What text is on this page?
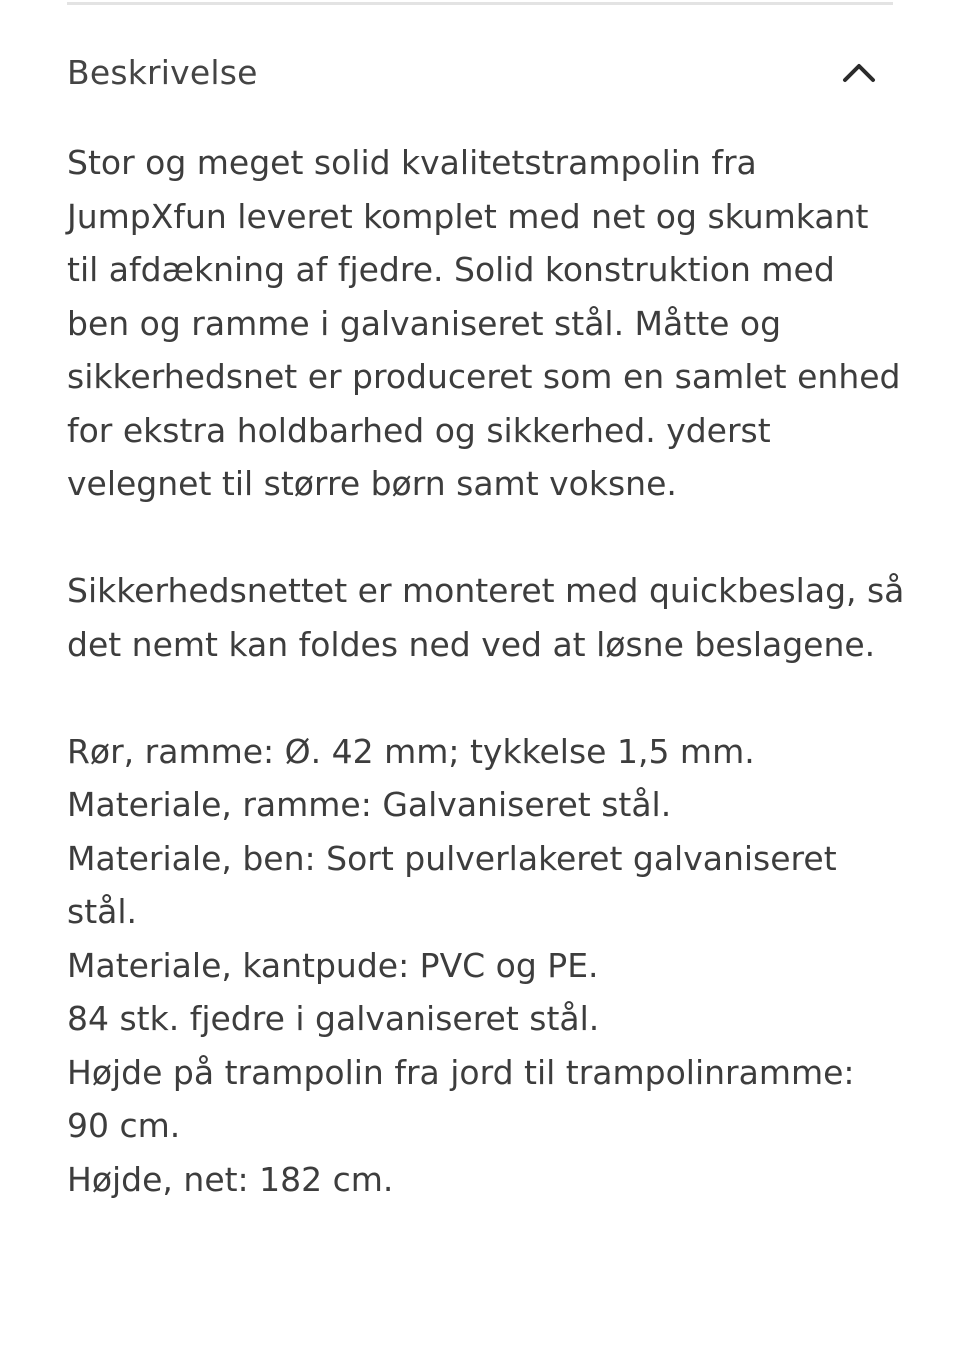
Beskrivelse

Stor og meget solid kvalitetstrampolin fra JumpXfun leveret komplet med net og skumkant til afdækning af fjedre. Solid konstruktion med ben og ramme i galvaniseret stål. Måtte og sikkerhedsnet er produceret som en samlet enhed for ekstra holdbarhed og sikkerhed. yderst velegnet til større børn samt voksne.

Sikkerhedsnettet er monteret med quickbeslag, så det nemt kan foldes ned ved at løsne beslagene.

Rør, ramme: Ø. 42 mm; tykkelse 1,5 mm.

Materiale, ramme: Galvaniseret stål.

Materiale, ben: Sort pulverlakeret galvaniseret stål.

Materiale, kantpude: PVC og PE.

84 stk. fjedre i galvaniseret stål.

Højde på trampolin fra jord til trampolinramme: 90 cm.

Højde, net: 182 cm.
